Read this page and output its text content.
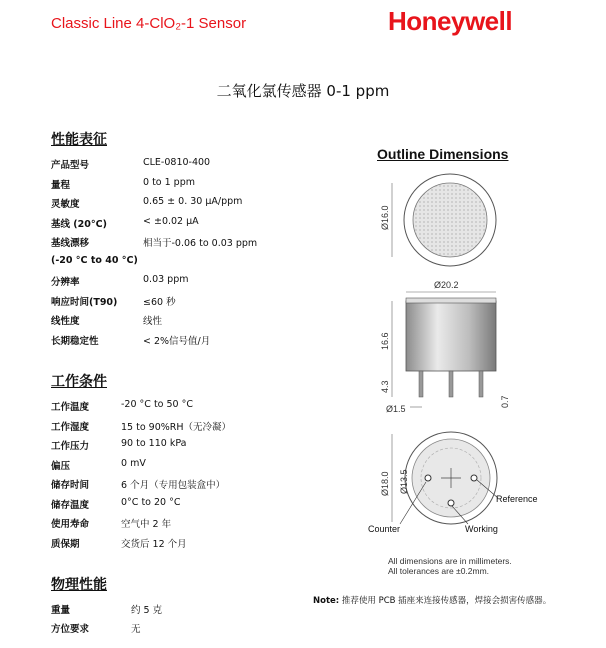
Classic Line 4-ClO₂-1 Sensor	Honeywell
二氧化氯传感器 0-1 ppm
性能表征
产品型号	CLE-0810-400
量程	0 to 1 ppm
灵敏度	0.65 ± 0. 30 μA/ppm
基线 (20°C)	< ±0.02 μA
基线漂移	相当于-0.06 to 0.03 ppm
(-20 °C to 40 °C)
分辨率	0.03 ppm
响应时间(T90)	≤60 秒
线性度	线性
长期稳定性	< 2%信号值/月
工作条件
工作温度	-20 °C to 50 °C
工作湿度	15 to 90%RH（无冷凝）
工作压力	90 to 110 kPa
偏压	0 mV
储存时间	6 个月（专用包装盒中）
储存温度	0°C to 20 °C
使用寿命	空气中 2 年
质保期	交货后 12 个月
物理性能
重量	约 5 克
方位要求	无
Outline Dimensions
Ø16.0
Ø20.2
16.6
4.3
Ø1.5
0.7
Ø18.0 Ø13.5
Reference
Counter	Working
All dimensions are in millimeters.
All tolerances are ±0.2mm.
Note: 推荐使用 PCB 插座来连接传感器，焊接会损害传感器。
